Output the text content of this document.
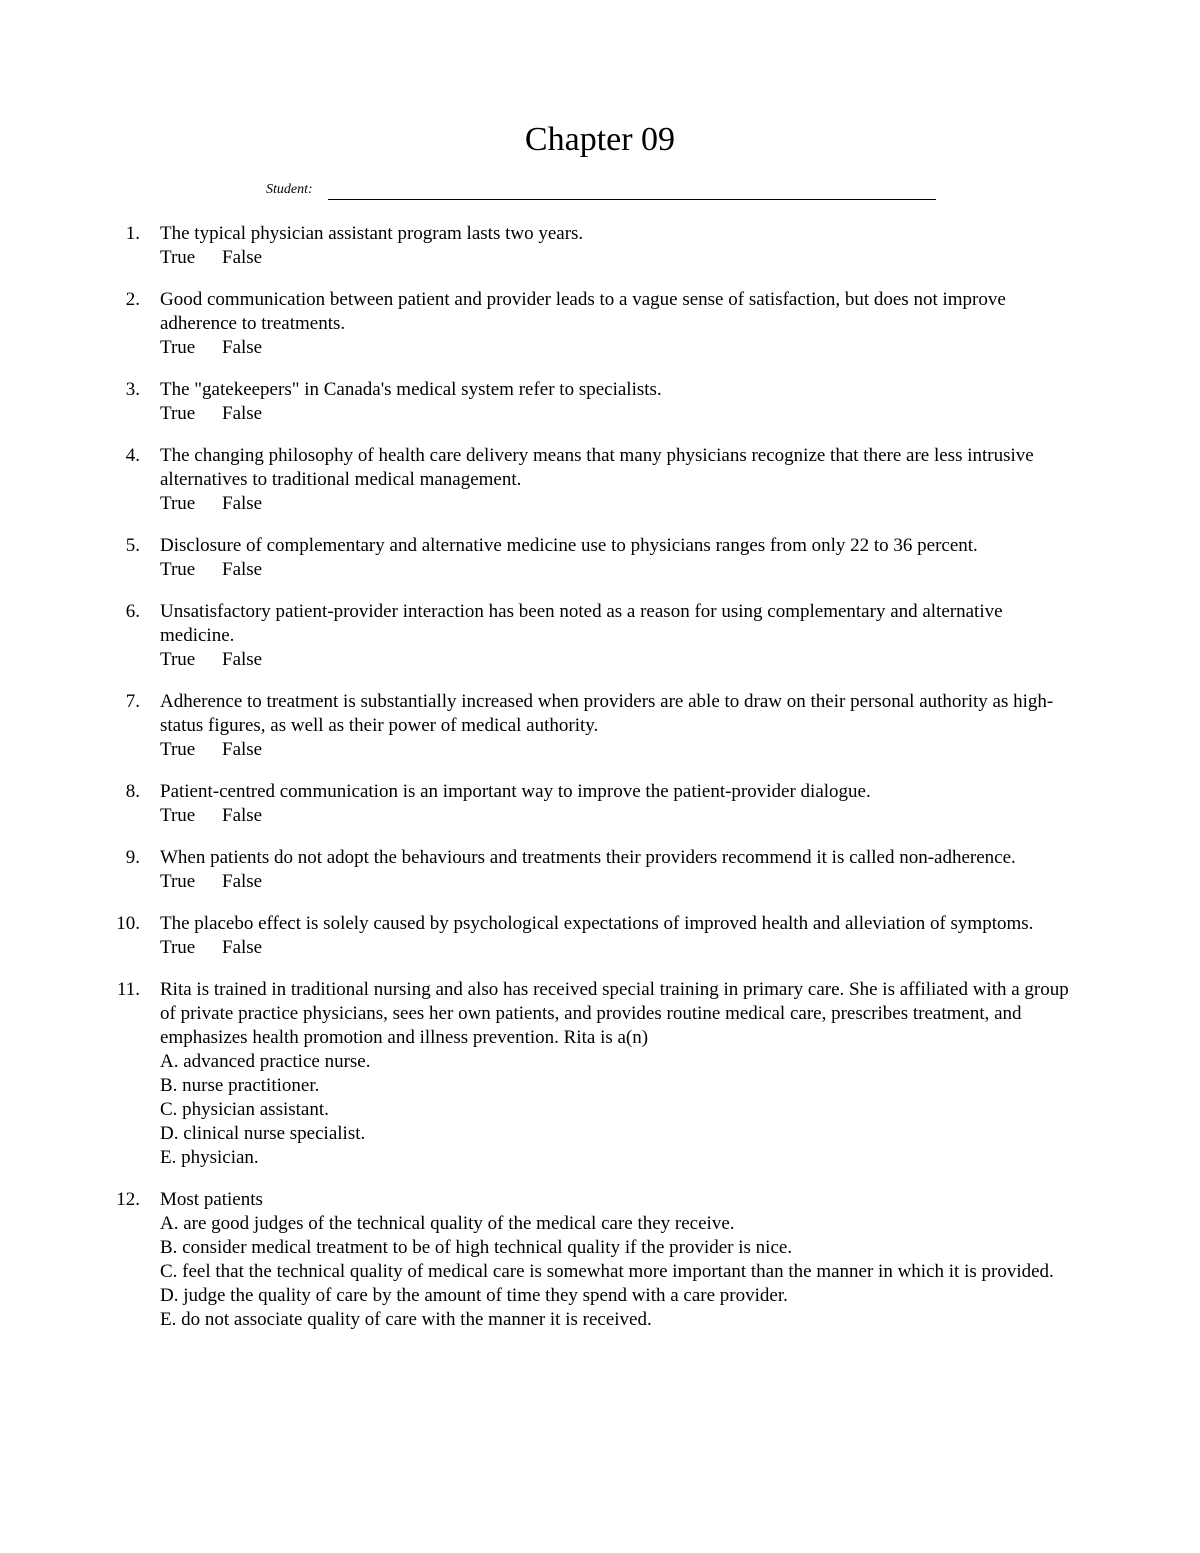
Chapter 09
Student:
1. The typical physician assistant program lasts two years.
True False
2. Good communication between patient and provider leads to a vague sense of satisfaction, but does not improve adherence to treatments.
True False
3. The "gatekeepers" in Canada's medical system refer to specialists.
True False
4. The changing philosophy of health care delivery means that many physicians recognize that there are less intrusive alternatives to traditional medical management.
True False
5. Disclosure of complementary and alternative medicine use to physicians ranges from only 22 to 36 percent.
True False
6. Unsatisfactory patient-provider interaction has been noted as a reason for using complementary and alternative medicine.
True False
7. Adherence to treatment is substantially increased when providers are able to draw on their personal authority as high-status figures, as well as their power of medical authority.
True False
8. Patient-centred communication is an important way to improve the patient-provider dialogue.
True False
9. When patients do not adopt the behaviours and treatments their providers recommend it is called non-adherence.
True False
10. The placebo effect is solely caused by psychological expectations of improved health and alleviation of symptoms.
True False
11. Rita is trained in traditional nursing and also has received special training in primary care. She is affiliated with a group of private practice physicians, sees her own patients, and provides routine medical care, prescribes treatment, and emphasizes health promotion and illness prevention. Rita is a(n)
A. advanced practice nurse.
B. nurse practitioner.
C. physician assistant.
D. clinical nurse specialist.
E. physician.
12. Most patients
A. are good judges of the technical quality of the medical care they receive.
B. consider medical treatment to be of high technical quality if the provider is nice.
C. feel that the technical quality of medical care is somewhat more important than the manner in which it is provided.
D. judge the quality of care by the amount of time they spend with a care provider.
E. do not associate quality of care with the manner it is received.
